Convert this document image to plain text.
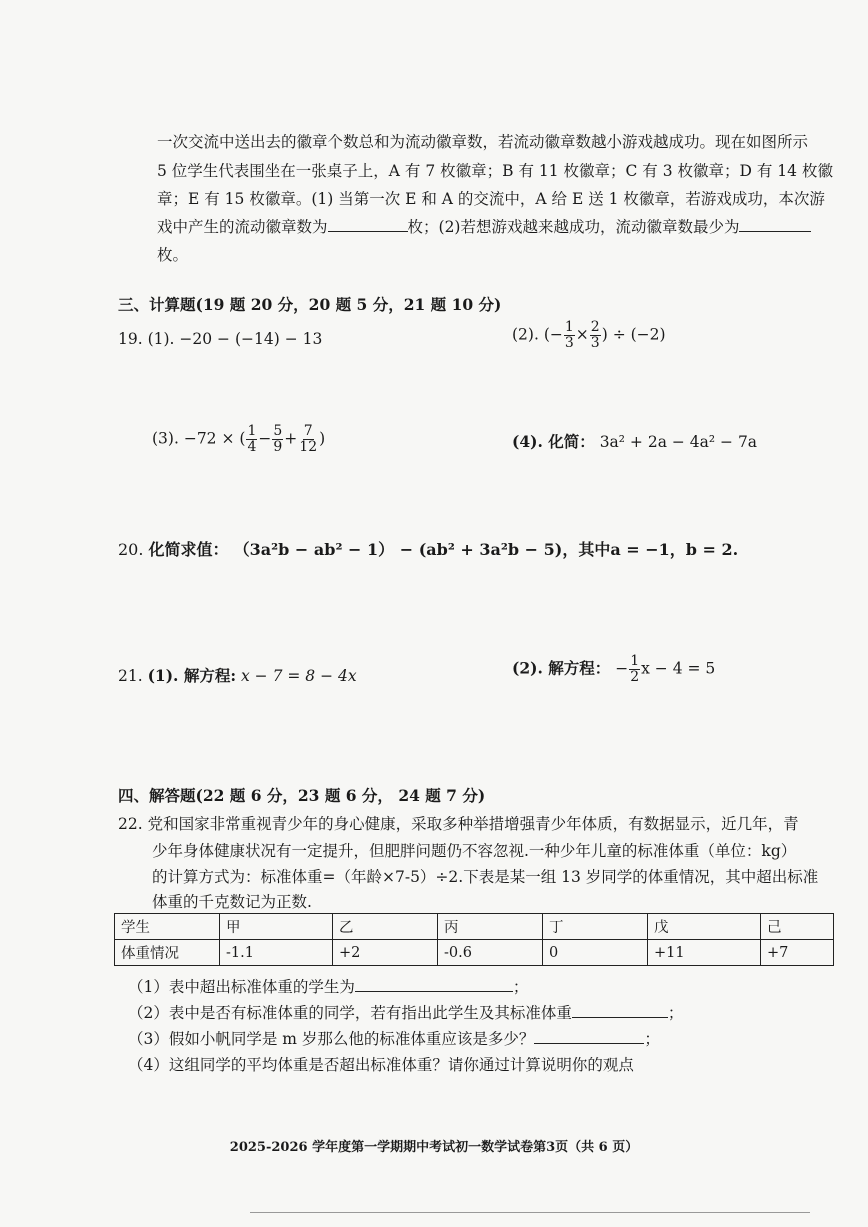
一次交流中送出去的徽章个数总和为流动徽章数，若流动徽章数越小游戏越成功。现在如图所示
5 位学生代表围坐在一张桌子上，A 有 7 枚徽章；B 有 11 枚徽章；C 有 3 枚徽章；D 有 14 枚徽
章；E 有 15 枚徽章。(1) 当第一次 E 和 A 的交流中，A 给 E 送 1 枚徽章，若游戏成功，本次游
戏中产生的流动徽章数为	枚；(2)若想游戏越来越成功，流动徽章数最少为
枚。
三、计算题(19 题 20 分，20 题 5 分，21 题 10 分)
19. (1). −20 − (−14) − 13	(2). (− $\frac{1}{3} \times \frac{2}{3}$ ) ÷ (−2)
(3). −72 × ( $\frac{1}{4} - \frac{5}{9} + \frac{7}{12}$ )	(4). 化简： 3a² + 2a − 4a² − 7a
20. 化简求值： （3a²b − ab² − 1） − (ab² + 3a²b − 5)，其中a = −1，b = 2.
21. (1). 解方程: x − 7 = 8 − 4x	(2). 解方程： − $\frac{1}{2}$ x − 4 = 5
四、解答题(22 题 6 分，23 题 6 分， 24 题 7 分)
22. 党和国家非常重视青少年的身心健康，采取多种举措增强青少年体质，有数据显示，近几年，青
少年身体健康状况有一定提升，但肥胖问题仍不容忽视.一种少年儿童的标准体重（单位：kg）
的计算方式为：标准体重=（年龄×7-5）÷2.下表是某一组 13 岁同学的体重情况，其中超出标准
体重的千克数记为正数.
学生	甲	乙	丙	丁	戊	己
体重情况	-1.1	+2	-0.6	0	+11	+7
（1）表中超出标准体重的学生为	；
（2）表中是否有标准体重的同学，若有指出此学生及其标准体重	；
（3）假如小帆同学是 m 岁那么他的标准体重应该是多少？	；
（4）这组同学的平均体重是否超出标准体重？请你通过计算说明你的观点
2025-2026 学年度第一学期期中考试初一数学试卷第3页（共 6 页）
